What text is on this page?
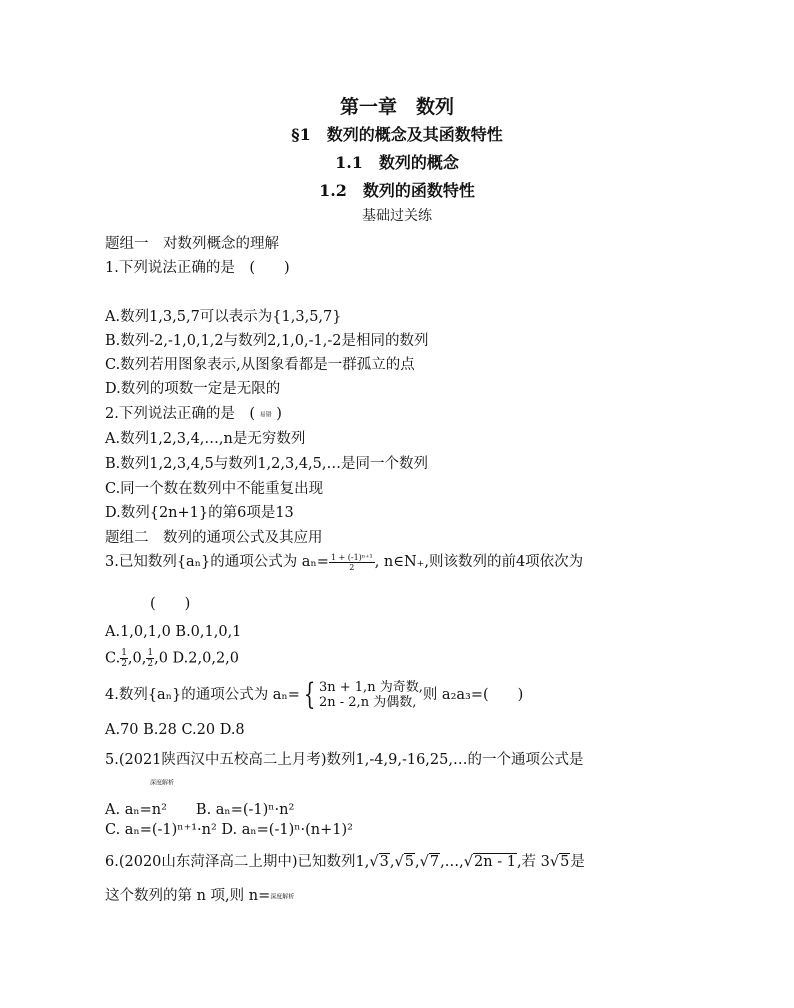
第一章　数列
§1　数列的概念及其函数特性
1.1　数列的概念
1.2　数列的函数特性
基础过关练
题组一　对数列概念的理解
1.下列说法正确的是　(　　)
A.数列1,3,5,7可以表示为{1,3,5,7}
B.数列-2,-1,0,1,2与数列2,1,0,-1,-2是相同的数列
C.数列若用图象表示,从图象看都是一群孤立的点
D.数列的项数一定是无限的
2.下列说法正确的是　( 易错 )
A.数列1,2,3,4,…,n是无穷数列
B.数列1,2,3,4,5与数列1,2,3,4,5,…是同一个数列
C.同一个数在数列中不能重复出现
D.数列{2n+1}的第6项是13
题组二　数列的通项公式及其应用
3.已知数列{aₙ}的通项公式为 $a_n= \frac{\text{1 + (-1)ⁿ⁺¹}}{2}$ , n∈N₊,则该数列的前4项依次为
(　　)
A.1,0,1,0 B.0,1,0,1
C. $\frac{1}{2},0$, $\frac{1}{2},0$ D.2,0,2,0
4.数列{aₙ}的通项公式为 aₙ= { 3n + 1,n 为奇数,
2n - 2,n 为偶数, 则 a₂a₃=(　　)
A.70 B.28 C.20 D.8
5.(2021陕西汉中五校高二上月考)数列1,-4,9,-16,25,…的一个通项公式是
深度解析
A. aₙ=n²　　B. aₙ=(-1)ⁿ·n²
C. aₙ=(-1)ⁿ⁺¹·n² D. aₙ=(-1)ⁿ·(n+1)²
6.(2020山东菏泽高二上期中)已知数列1,√3,√5,√7,…,√2n - 1,若 3√5是
这个数列的第 n 项,则 n=深度解析
